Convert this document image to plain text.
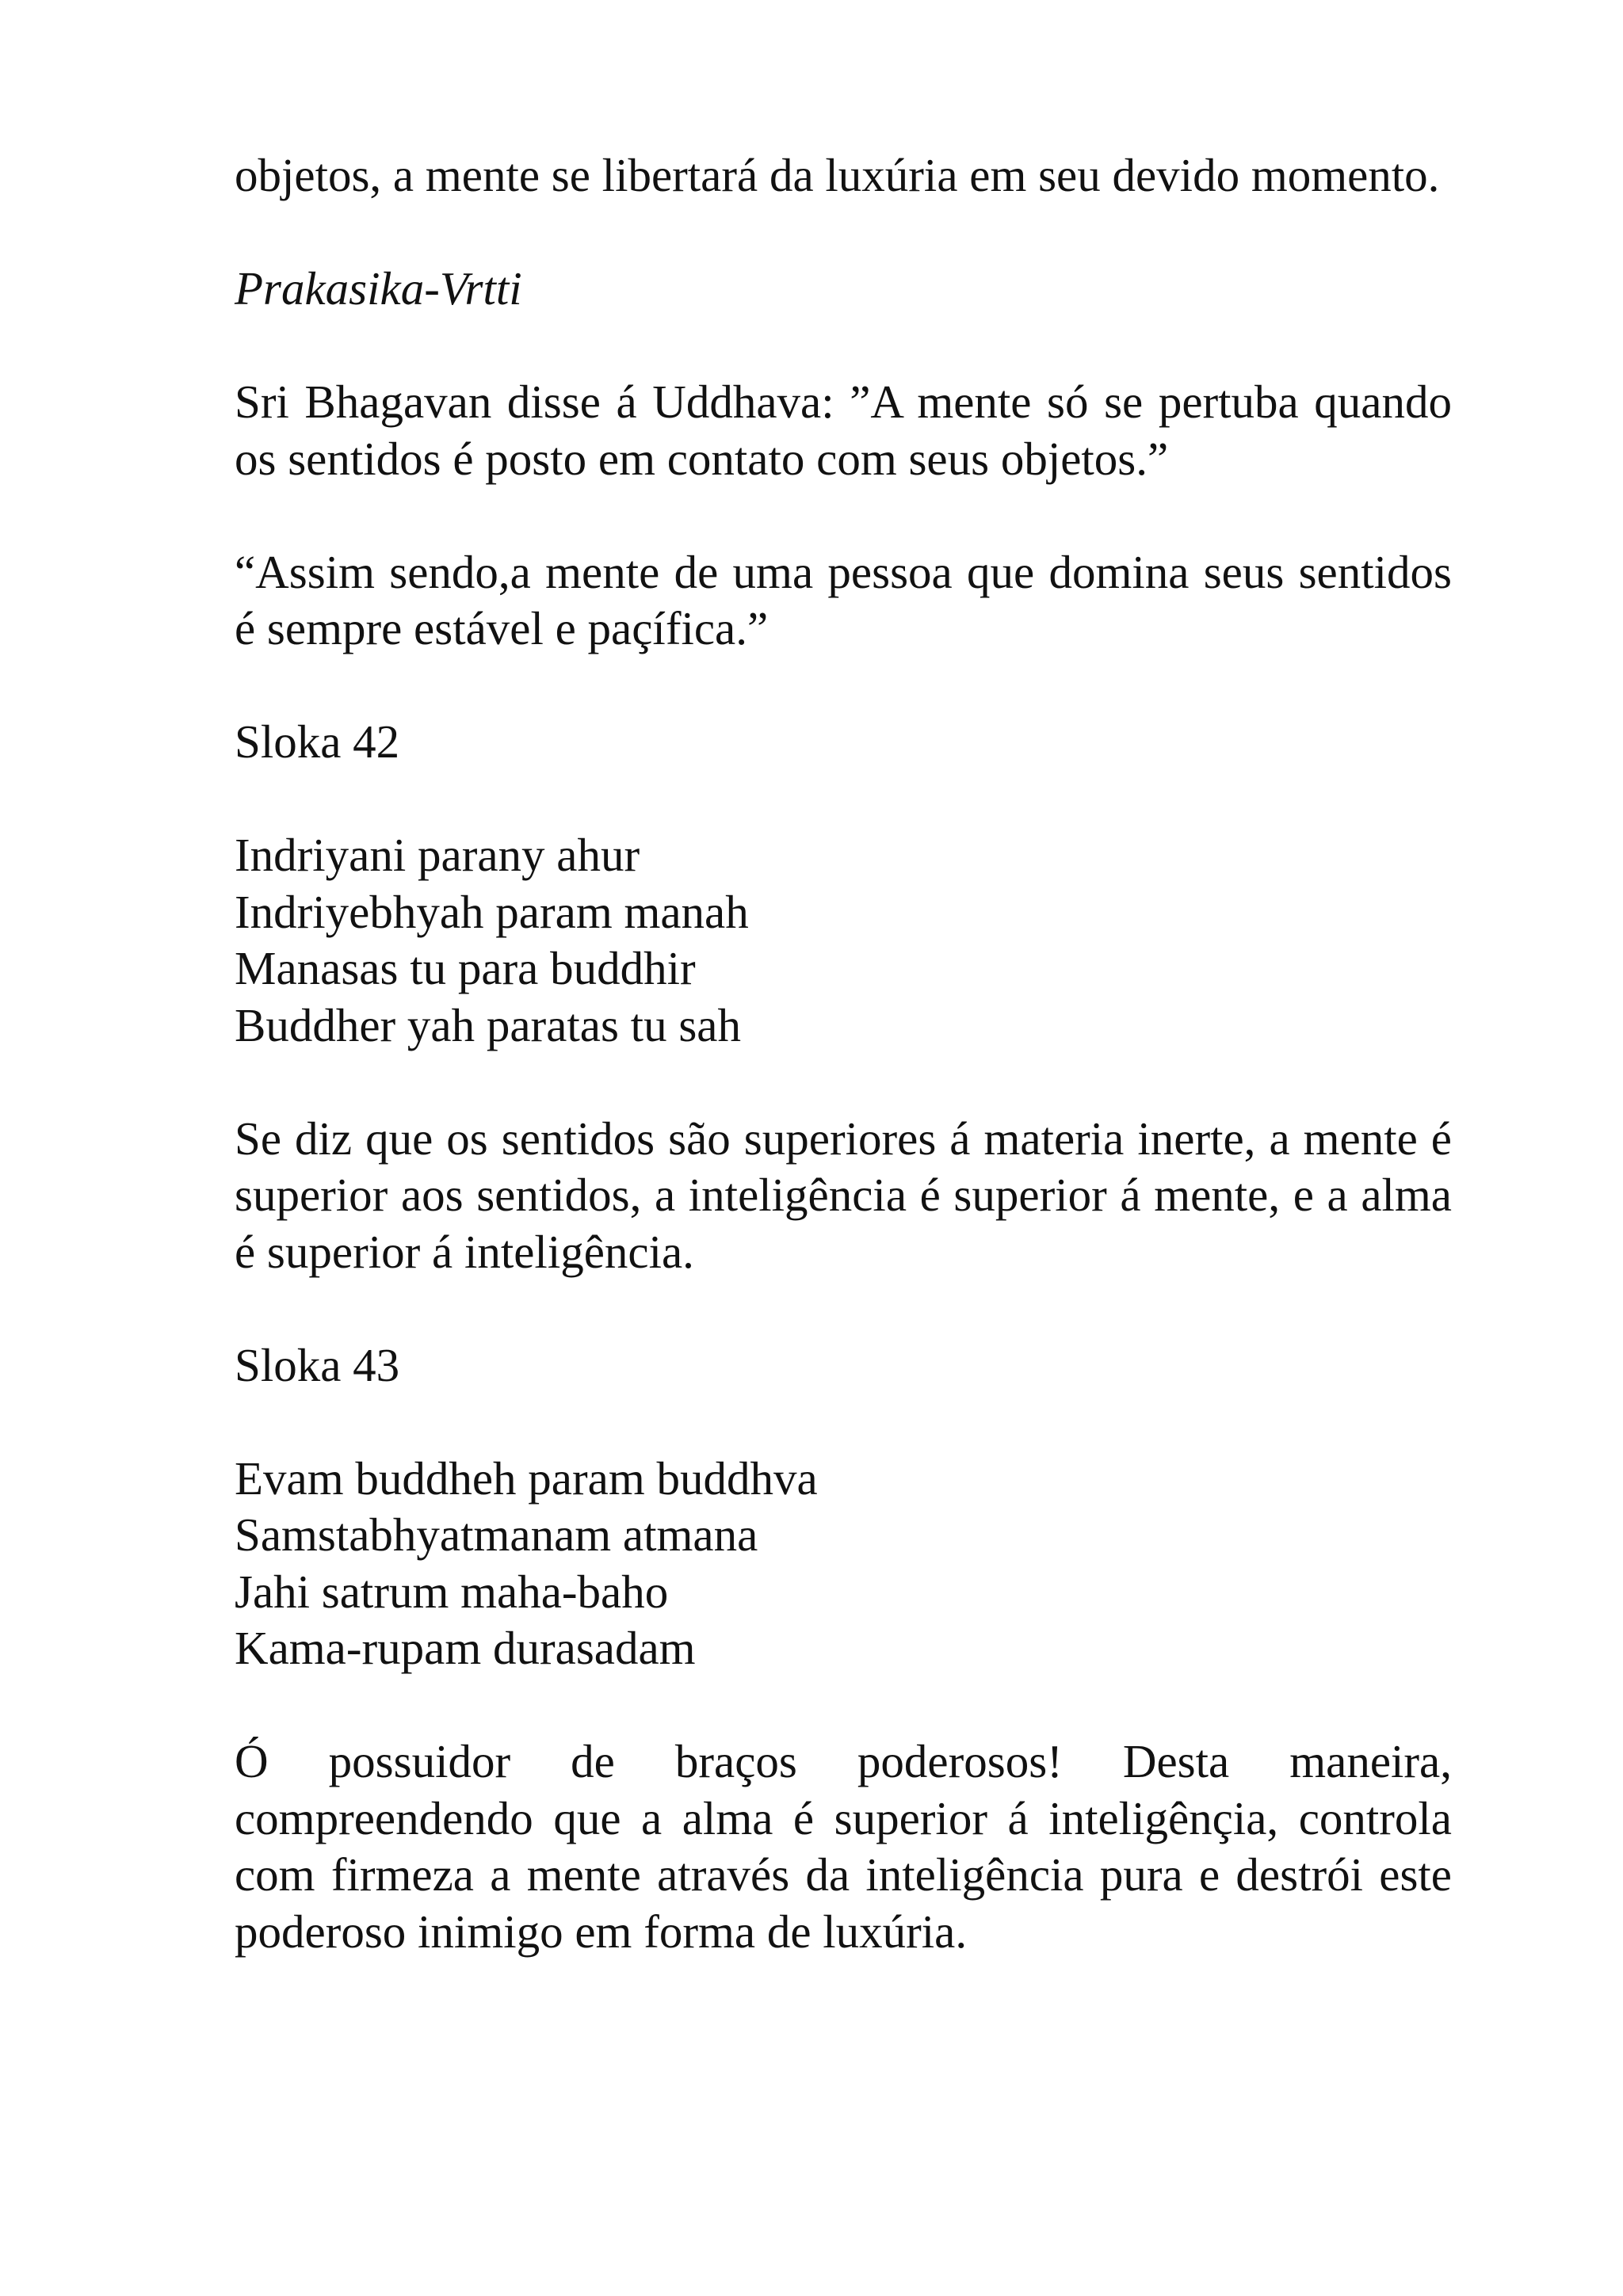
objetos, a mente se libertará da luxúria em seu devido momento.

Prakasika-Vrtti

Sri Bhagavan disse á Uddhava: ”A mente só se pertuba quando os sentidos é posto em contato com seus objetos.”

“Assim sendo,a mente de uma pessoa que domina seus sentidos é sempre estável e paçífica.”

Sloka 42

Indriyani parany ahur
Indriyebhyah param manah
Manasas tu para buddhir
Buddher yah paratas tu sah

Se diz que os sentidos são superiores á materia inerte, a mente é superior aos sentidos, a inteligência é superior á mente, e a alma é superior á inteligência.

Sloka 43

Evam buddheh param buddhva
Samstabhyatmanam atmana
Jahi satrum maha-baho
Kama-rupam durasadam

Ó possuidor de braços poderosos! Desta maneira, compreendendo que a alma é superior á inteligênçia, controla com firmeza a mente através da inteligência pura e destrói este poderoso inimigo em forma de luxúria.
